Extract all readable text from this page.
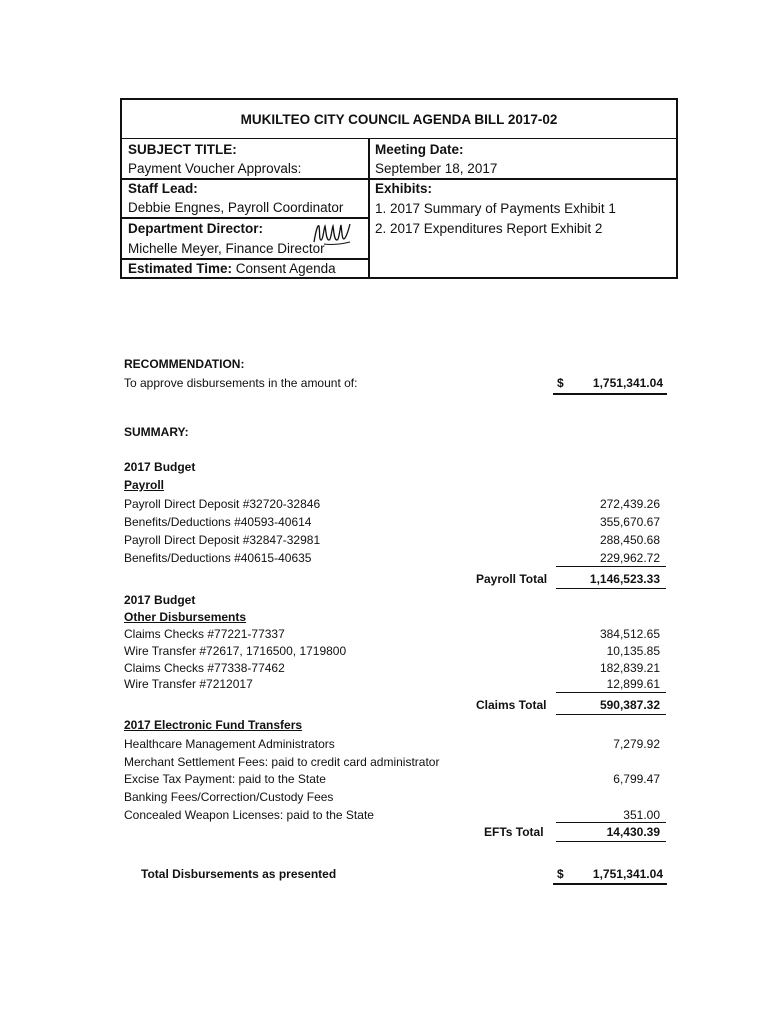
MUKILTEO CITY COUNCIL AGENDA BILL 2017-02
SUBJECT TITLE:
Payment Voucher Approvals:
Staff Lead:
Debbie Engnes, Payroll Coordinator
Department Director:
Michelle Meyer, Finance Director
Estimated Time: Consent Agenda
Meeting Date:
September 18, 2017
Exhibits:
1. 2017 Summary of Payments Exhibit 1
2. 2017 Expenditures Report Exhibit 2
RECOMMENDATION:
To approve disbursements in the amount of:	$	1,751,341.04
SUMMARY:
2017 Budget
Payroll
Payroll Direct Deposit #32720-32846	272,439.26
Benefits/Deductions #40593-40614	355,670.67
Payroll Direct Deposit #32847-32981	288,450.68
Benefits/Deductions #40615-40635	229,962.72
Payroll Total	1,146,523.33
2017 Budget
Other Disbursements
Claims Checks #77221-77337	384,512.65
Wire Transfer #72617, 1716500, 1719800	10,135.85
Claims Checks #77338-77462	182,839.21
Wire Transfer #7212017	12,899.61
Claims Total	590,387.32
2017 Electronic Fund Transfers
Healthcare Management Administrators	7,279.92
Merchant Settlement Fees: paid to credit card administrator
Excise Tax Payment: paid to the State	6,799.47
Banking Fees/Correction/Custody Fees
Concealed Weapon Licenses: paid to the State	351.00
EFTs Total	14,430.39
Total Disbursements as presented	$	1,751,341.04
